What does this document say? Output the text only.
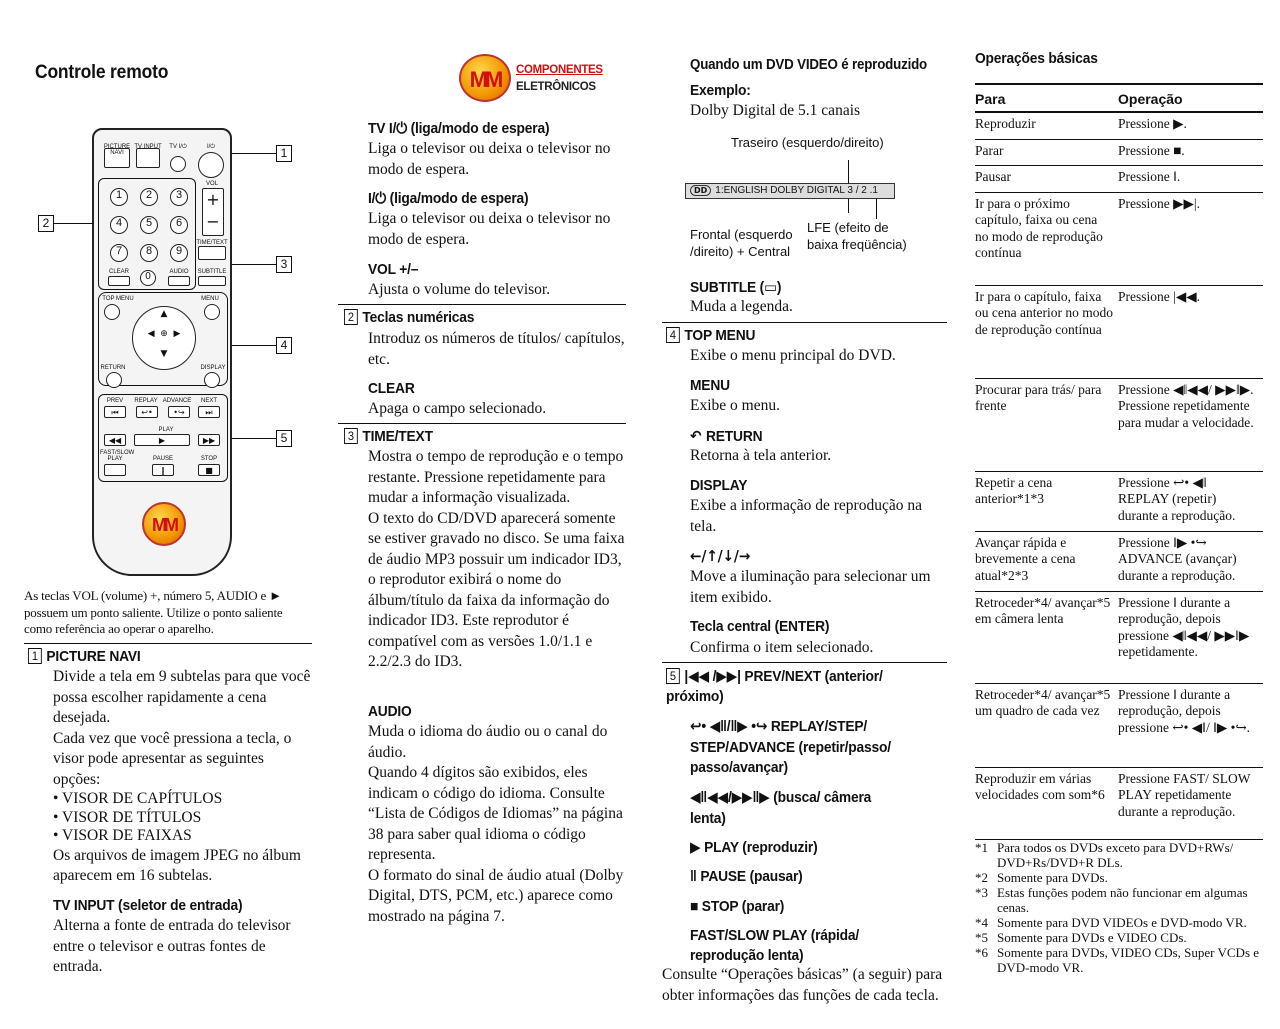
Controle remoto
PICTURE NAVI
TV INPUT	TV I/⏻	I/⏻
1	2	3
4	5	6
7	8	9
0
CLEAR
VOL
+
−
TIME/TEXT
AUDIO	SUBTITLE
TOP MENU	MENU
▲

◀  ⊕  ▶

▼
RETURN	DISPLAY
PREV
⏮
REPLAY
↩•
ADVANCE
•↪
NEXT
⏭
◀◀
PLAY
▶	▶▶
FAST/SLOW PLAY	PAUSE
‖
STOP
■
MM
1
2
3
4
5
As teclas VOL (volume) +, número 5, AUDIO e ► possuem um ponto saliente. Utilize o ponto saliente como referência ao operar o aparelho.
1 PICTURE NAVI
Divide a tela em 9 subtelas para que você possa escolher rapidamente a cena desejada.
Cada vez que você pressiona a tecla, o visor pode apresentar as seguintes opções:
• VISOR DE CAPÍTULOS
• VISOR DE TÍTULOS
• VISOR DE FAIXAS
Os arquivos de imagem JPEG no álbum aparecem em 16 subtelas.
TV INPUT (seletor de entrada)
Alterna a fonte de entrada do televisor entre o televisor e outras fontes de entrada.
MM	COMPONENTES
ELETRÔNICOS
TV I/⏻ (liga/modo de espera)
Liga o televisor ou deixa o televisor no modo de espera.
I/⏻ (liga/modo de espera)
Liga o televisor ou deixa o televisor no modo de espera.
VOL +/–
Ajusta o volume do televisor.
2 Teclas numéricas
Introduz os números de títulos/ capítulos, etc.
CLEAR
Apaga o campo selecionado.
3 TIME/TEXT
Mostra o tempo de reprodução e o tempo restante. Pressione repetidamente para mudar a informação visualizada.
O texto do CD/DVD aparecerá somente se estiver gravado no disco. Se uma faixa de áudio MP3 possuir um indicador ID3, o reprodutor exibirá o nome do álbum/título da faixa da informação do indicador ID3. Este reprodutor é compatível com as versões 1.0/1.1 e 2.2/2.3 do ID3.
AUDIO
Muda o idioma do áudio ou o canal do áudio.
Quando 4 dígitos são exibidos, eles indicam o código do idioma. Consulte “Lista de Códigos de Idiomas” na página 38 para saber qual idioma o código representa.
O formato do sinal de áudio atual (Dolby Digital, DTS, PCM, etc.) aparece como mostrado na página 7.
Quando um DVD VIDEO é reproduzido
Exemplo:
Dolby Digital de 5.1 canais
Traseiro (esquerdo/direito)
Frontal (esquerdo /direito) + Central
LFE (efeito de baixa freqüência)
DD 1:ENGLISH DOLBY DIGITAL 3 / 2 .1
SUBTITLE (▭)
Muda a legenda.
4 TOP MENU
Exibe o menu principal do DVD.
MENU
Exibe o menu.
↶ RETURN
Retorna à tela anterior.
DISPLAY
Exibe a informação de reprodução na tela.
←/↑/↓/→
Move a iluminação para selecionar um item exibido.
Tecla central (ENTER)
Confirma o item selecionado.
5 |◀◀ /▶▶| PREV/NEXT (anterior/ próximo)
↩• ◀‖/‖▶ •↪ REPLAY/STEP/ STEP/ADVANCE (repetir/passo/ passo/avançar)
◀‖◀◀/▶▶‖▶ (busca/ câmera lenta)
▶ PLAY (reproduzir)
‖ PAUSE (pausar)
■ STOP (parar)
FAST/SLOW PLAY (rápida/ reprodução lenta)
Consulte “Operações básicas” (a seguir) para obter informações das funções de cada tecla.
Operações básicas
Para	Operação
Reproduzir	Pressione ▶.
Parar	Pressione ■.
Pausar	Pressione ‖.
Ir para o próximo capítulo, faixa ou cena no modo de reprodução contínua	Pressione ▶▶|.
Ir para o capítulo, faixa ou cena anterior no modo de reprodução contínua	Pressione |◀◀.
Procurar para trás/ para frente	Pressione ◀‖◀◀/ ▶▶‖▶. Pressione repetidamente para mudar a velocidade.
Repetir a cena anterior*1*3	Pressione ↩• ◀‖ REPLAY (repetir) durante a reprodução.
Avançar rápida e brevemente a cena atual*2*3	Pressione ‖▶ •↪ ADVANCE (avançar) durante a reprodução.
Retroceder*4/ avançar*5 em câmera lenta	Pressione ‖ durante a reprodução, depois pressione ◀‖◀◀/ ▶▶‖▶ repetidamente.
Retroceder*4/ avançar*5 um quadro de cada vez	Pressione ‖ durante a reprodução, depois pressione ↩• ◀‖/ ‖▶ •↪.
Reproduzir em várias velocidades com som*6	Pressione FAST/ SLOW PLAY repetidamente durante a reprodução.
*1 Para todos os DVDs exceto para DVD+RWs/ DVD+Rs/DVD+R DLs.
*2 Somente para DVDs.
*3 Estas funções podem não funcionar em algumas cenas.
*4 Somente para DVD VIDEOs e DVD-modo VR.
*5 Somente para DVDs e VIDEO CDs.
*6 Somente para DVDs, VIDEO CDs, Super VCDs e DVD-modo VR.
